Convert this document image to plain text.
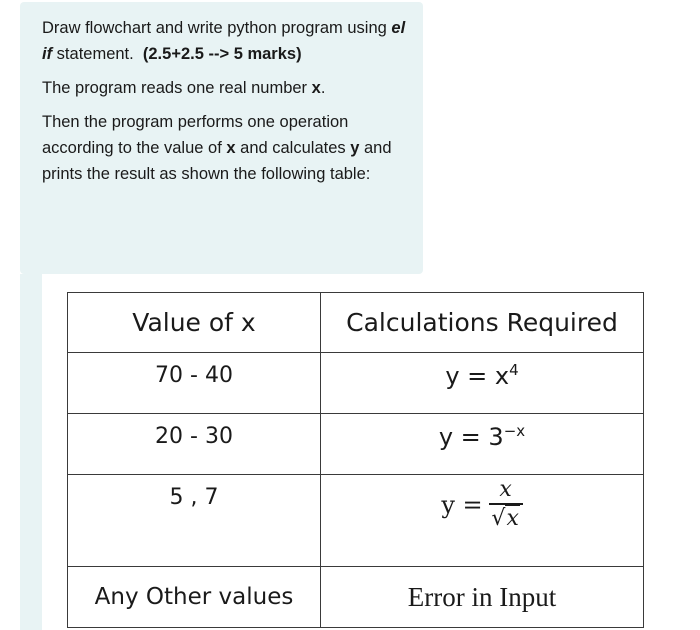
Draw flowchart and write python program using el if statement. (2.5+2.5 --> 5 marks)

The program reads one real number x.

Then the program performs one operation according to the value of x and calculates y and prints the result as shown the following table:

Value of x	Calculations Required

70 - 40	$y = x^4$

20 - 30	$y = 3^{-x}$

5 , 7	$y = \frac{x}{√x}$

Any Other values	Error in Input
